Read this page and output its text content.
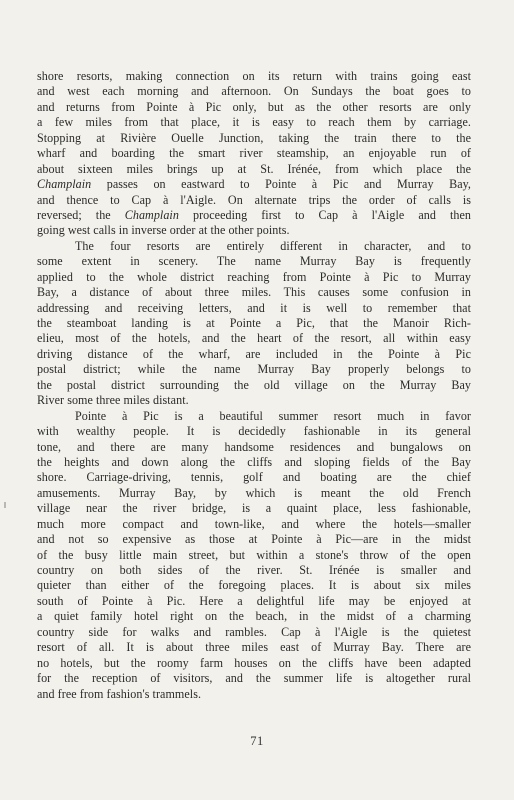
shore resorts, making connection on its return with trains going east
and west each morning and afternoon. On Sundays the boat goes to
and returns from Pointe à Pic only, but as the other resorts are only
a few miles from that place, it is easy to reach them by carriage.
Stopping at Rivière Ouelle Junction, taking the train there to the
wharf and boarding the smart river steamship, an enjoyable run of
about sixteen miles brings up at St. Irénée, from which place the
Champlain passes on eastward to Pointe à Pic and Murray Bay,
and thence to Cap à l'Aigle. On alternate trips the order of calls is
reversed; the Champlain proceeding first to Cap à l'Aigle and then
going west calls in inverse order at the other points.
The four resorts are entirely different in character, and to
some extent in scenery. The name Murray Bay is frequently
applied to the whole district reaching from Pointe à Pic to Murray
Bay, a distance of about three miles. This causes some confusion in
addressing and receiving letters, and it is well to remember that
the steamboat landing is at Pointe a Pic, that the Manoir Rich-
elieu, most of the hotels, and the heart of the resort, all within easy
driving distance of the wharf, are included in the Pointe à Pic
postal district; while the name Murray Bay properly belongs to
the postal district surrounding the old village on the Murray Bay
River some three miles distant.
Pointe à Pic is a beautiful summer resort much in favor
with wealthy people. It is decidedly fashionable in its general
tone, and there are many handsome residences and bungalows on
the heights and down along the cliffs and sloping fields of the Bay
shore. Carriage-driving, tennis, golf and boating are the chief
amusements. Murray Bay, by which is meant the old French
village near the river bridge, is a quaint place, less fashionable,
much more compact and town-like, and where the hotels—smaller
and not so expensive as those at Pointe à Pic—are in the midst
of the busy little main street, but within a stone's throw of the open
country on both sides of the river. St. Irénée is smaller and
quieter than either of the foregoing places. It is about six miles
south of Pointe à Pic. Here a delightful life may be enjoyed at
a quiet family hotel right on the beach, in the midst of a charming
country side for walks and rambles. Cap à l'Aigle is the quietest
resort of all. It is about three miles east of Murray Bay. There are
no hotels, but the roomy farm houses on the cliffs have been adapted
for the reception of visitors, and the summer life is altogether rural
and free from fashion's trammels.
71
